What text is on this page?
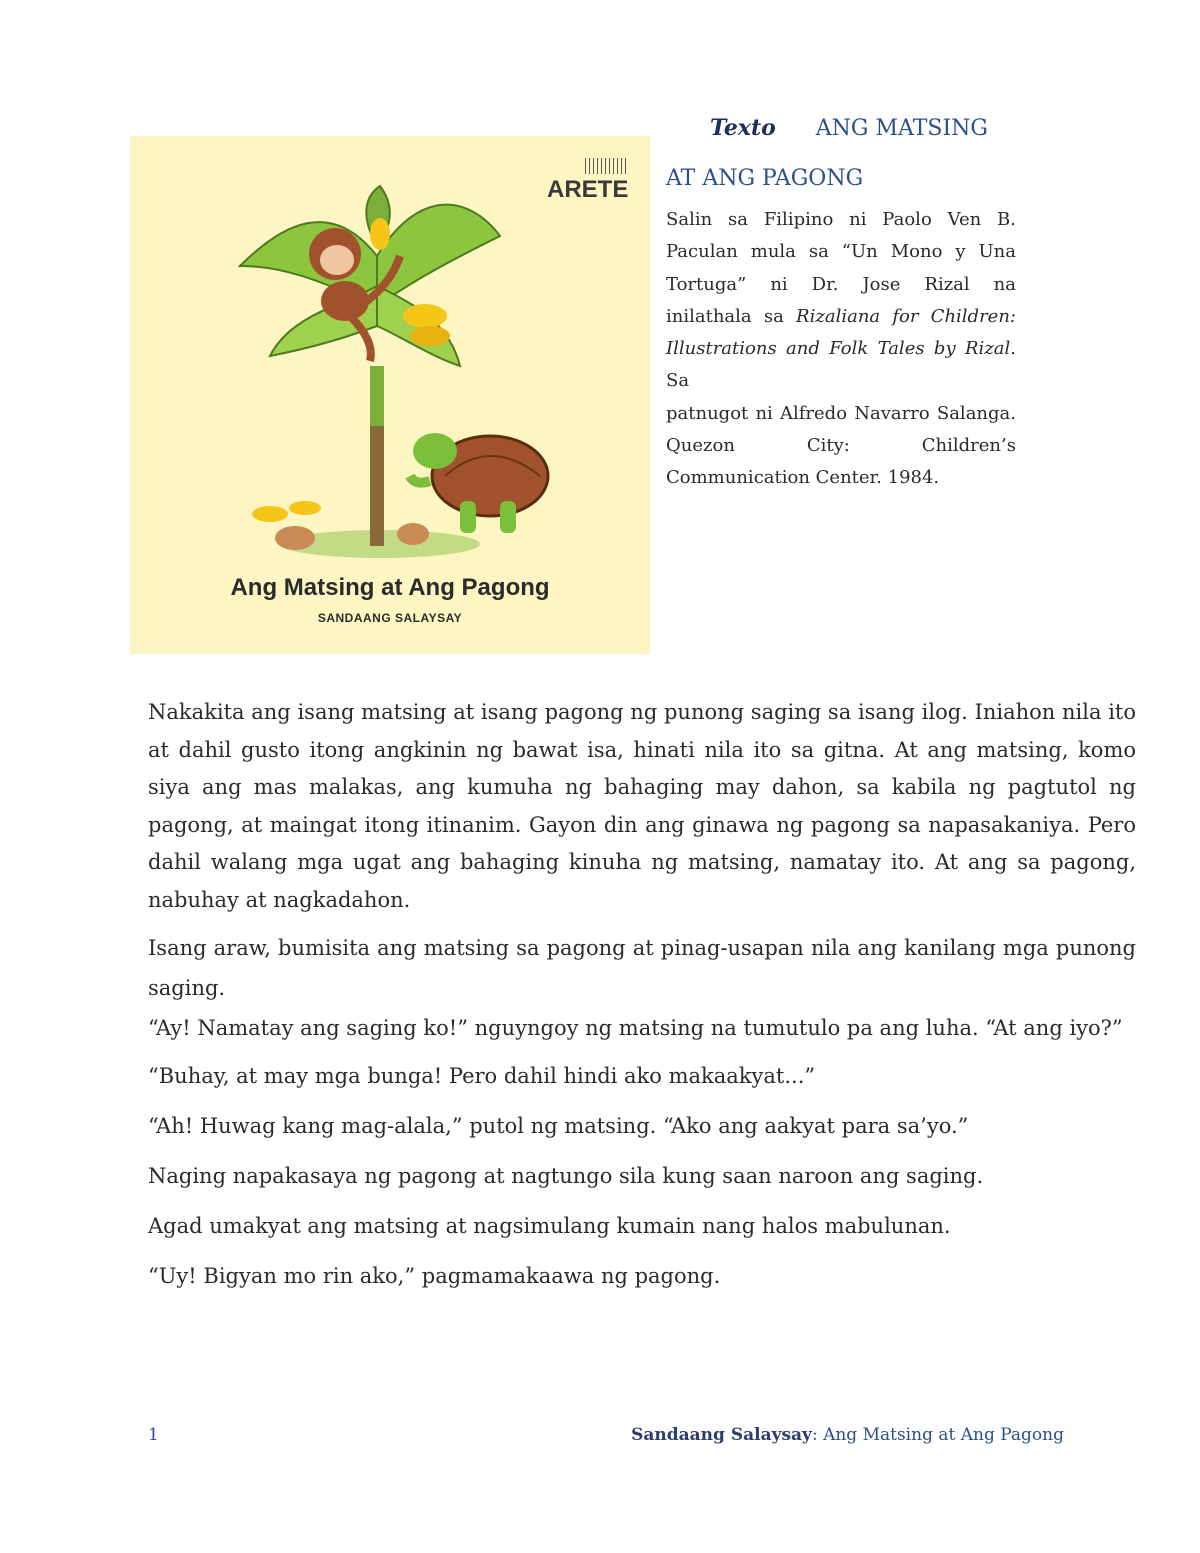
ARETE
Ang Matsing at Ang Pagong
SANDAANG SALAYSAY
Texto ANG MATSING
AT ANG PAGONG
Salin sa Filipino ni Paolo Ven B.
Paculan mula sa “Un Mono y Una
Tortuga” ni Dr. Jose Rizal na
inilathala sa Rizaliana for Children:
Illustrations and Folk Tales by Rizal. Sa
patnugot ni Alfredo Navarro Salanga.
Quezon City: Children’s
Communication Center. 1984.

Nakakita ang isang matsing at isang pagong ng punong saging sa isang ilog. Iniahon nila ito at dahil gusto itong angkinin ng bawat isa, hinati nila ito sa gitna. At ang matsing, komo siya ang mas malakas, ang kumuha ng bahaging may dahon, sa kabila ng pagtutol ng pagong, at maingat itong itinanim. Gayon din ang ginawa ng pagong sa napasakaniya. Pero dahil walang mga ugat ang bahaging kinuha ng matsing, namatay ito. At ang sa pagong, nabuhay at nagkadahon.

Isang araw, bumisita ang matsing sa pagong at pinag-usapan nila ang kanilang mga punong saging.

“Ay! Namatay ang saging ko!” nguyngoy ng matsing na tumutulo pa ang luha. “At ang iyo?”

“Buhay, at may mga bunga! Pero dahil hindi ako makaakyat...”

“Ah! Huwag kang mag-alala,” putol ng matsing. “Ako ang aakyat para sa’yo.”

Naging napakasaya ng pagong at nagtungo sila kung saan naroon ang saging.

Agad umakyat ang matsing at nagsimulang kumain nang halos mabulunan.

“Uy! Bigyan mo rin ako,” pagmamakaawa ng pagong.

1	Sandaang Salaysay: Ang Matsing at Ang Pagong
